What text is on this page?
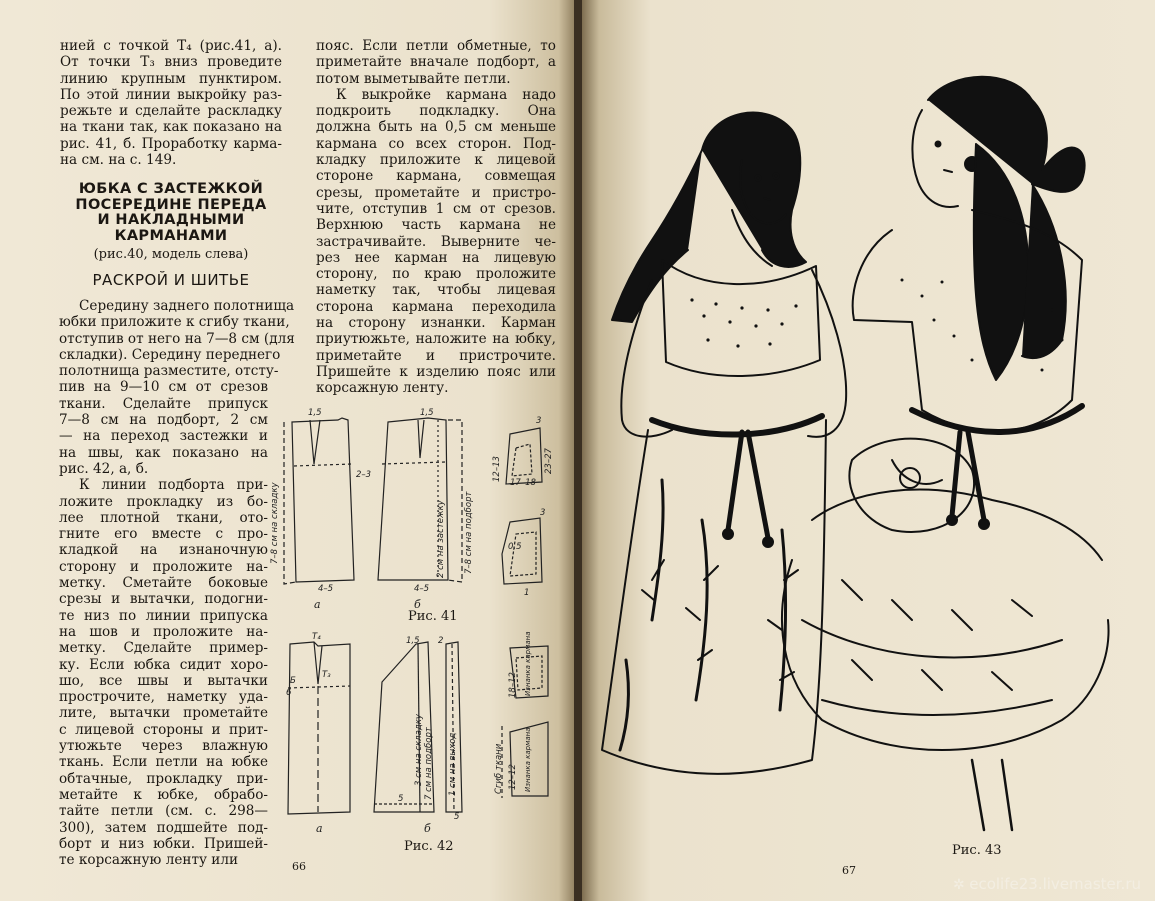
нией с точкой Т₄ (рис.41, а).
От точки Т₃ вниз проведите
линию крупным пунктиром.
По этой линии выкройку раз-
режьте и сделайте раскладку
на ткани так, как показано на
рис. 41, б. Проработку карма-
на см. на с. 149.
ЮБКА С ЗАСТЕЖКОЙ
ПОСЕРЕДИНЕ ПЕРЕДА
И НАКЛАДНЫМИ
КАРМАНАМИ
(рис.40, модель слева)
РАСКРОЙ И ШИТЬЕ
пояс. Если петли обметные, то
приметайте вначале подборт, а
потом выметывайте петли.
К выкройке кармана надо
подкроить подкладку. Она
должна быть на 0,5 см меньше
кармана со всех сторон. Под-
кладку приложите к лицевой
стороне кармана, совмещая
срезы, прометайте и пристро-
чите, отступив 1 см от срезов.
Верхнюю часть кармана не
застрачивайте. Выверните че-
рез нее карман на лицевую
сторону, по краю проложите
наметку так, чтобы лицевая
сторона кармана переходила
на сторону изнанки. Карман
приутюжьте, наложите на юбку,
приметайте и пристрочите.
Пришейте к изделию пояс или
корсажную ленту.
Середину заднего полотнища
юбки приложите к сгибу ткани,
отступив от него на 7—8 см (для
складки). Середину переднего
полотнища разместите, отсту-
пив на 9—10 см от срезов
ткани. Сделайте припуск
7—8 см на подборт, 2 см
— на переход застежки и
на швы, как показано на
рис. 42, а, б.
К линии подборта при-
ложите прокладку из бо-
лее плотной ткани, ото-
гните его вместе с про-
кладкой на изнаночную
сторону и проложите на-
метку. Сметайте боковые
срезы и вытачки, подогни-
те низ по линии припуска
на шов и проложите на-
метку. Сделайте пример-
ку. Если юбка сидит хоро-
шо, все швы и вытачки
прострочите, наметку уда-
лите, вытачки прометайте
с лицевой стороны и прит-
утюжьте через влажную
ткань. Если петли на юбке
обтачные, прокладку при-
метайте к юбке, обрабо-
тайте петли (см. с. 298—
300), затем подшейте под-
борт и низ юбки. Пришей-
те корсажную ленту или
1,5	1,5
2–3
7–8 см на складку	2 см на застежку 7–8 см на подборт
4–5	4–5
3
12–13	23–27
17–18
0,5
1
3
а	б
Рис. 41
Т₄
Т₃
Б
6
1,5 2
3 см на складку 7 см на подборт 1 см на выход
5
5
18–12
12–12
Изнанка кармана
Изнанка кармана
Сгиб ткани
а	б
Рис. 42
66
Рис. 43
67
✲ ecolife23.livemaster.ru
